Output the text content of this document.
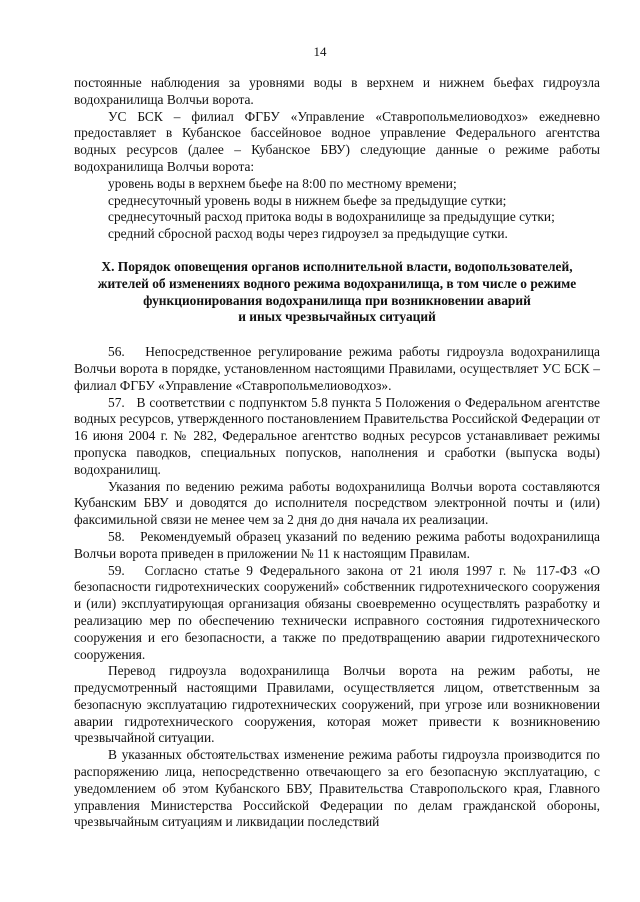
14

постоянные наблюдения за уровнями воды в верхнем и нижнем бьефах гидроузла водохранилища Волчьи ворота.

УС БСК – филиал ФГБУ «Управление «Ставропольмелиоводхоз» ежедневно предоставляет в Кубанское бассейновое водное управление Федерального агентства водных ресурсов (далее – Кубанское БВУ) следующие данные о режиме работы водохранилища Волчьи ворота:

уровень воды в верхнем бьефе на 8:00 по местному времени;

среднесуточный уровень воды в нижнем бьефе за предыдущие сутки;

среднесуточный расход притока воды в водохранилище за предыдущие сутки;

средний сбросной расход воды через гидроузел за предыдущие сутки.

X. Порядок оповещения органов исполнительной власти, водопользователей,
жителей об изменениях водного режима водохранилища, в том числе о режиме
функционирования водохранилища при возникновении аварий
и иных чрезвычайных ситуаций

56.   Непосредственное регулирование режима работы гидроузла водохранилища Волчьи ворота в порядке, установленном настоящими Правилами, осуществляет УС БСК – филиал ФГБУ «Управление «Ставропольмелиоводхоз».

57.   В соответствии с подпунктом 5.8 пункта 5 Положения о Федеральном агентстве водных ресурсов, утвержденного постановлением Правительства Российской Федерации от 16 июня 2004 г. № 282, Федеральное агентство водных ресурсов устанавливает режимы пропуска паводков, специальных попусков, наполнения и сработки (выпуска воды) водохранилищ.

Указания по ведению режима работы водохранилища Волчьи ворота составляются Кубанским БВУ и доводятся до исполнителя посредством электронной почты и (или) факсимильной связи не менее чем за 2 дня до дня начала их реализации.

58.   Рекомендуемый образец указаний по ведению режима работы водохранилища Волчьи ворота приведен в приложении № 11 к настоящим Правилам.

59.   Согласно статье 9 Федерального закона от 21 июля 1997 г. № 117-ФЗ «О безопасности гидротехнических сооружений» собственник гидротехнического сооружения и (или) эксплуатирующая организация обязаны своевременно осуществлять разработку и реализацию мер по обеспечению технически исправного состояния гидротехнического сооружения и его безопасности, а также по предотвращению аварии гидротехнического сооружения.

Перевод гидроузла водохранилища Волчьи ворота на режим работы, не предусмотренный настоящими Правилами, осуществляется лицом, ответственным за безопасную эксплуатацию гидротехнических сооружений, при угрозе или возникновении аварии гидротехнического сооружения, которая может привести к возникновению чрезвычайной ситуации.

В указанных обстоятельствах изменение режима работы гидроузла производится по распоряжению лица, непосредственно отвечающего за его безопасную эксплуатацию, с уведомлением об этом Кубанского БВУ, Правительства Ставропольского края, Главного управления Министерства Российской Федерации по делам гражданской обороны, чрезвычайным ситуациям и ликвидации последствий
